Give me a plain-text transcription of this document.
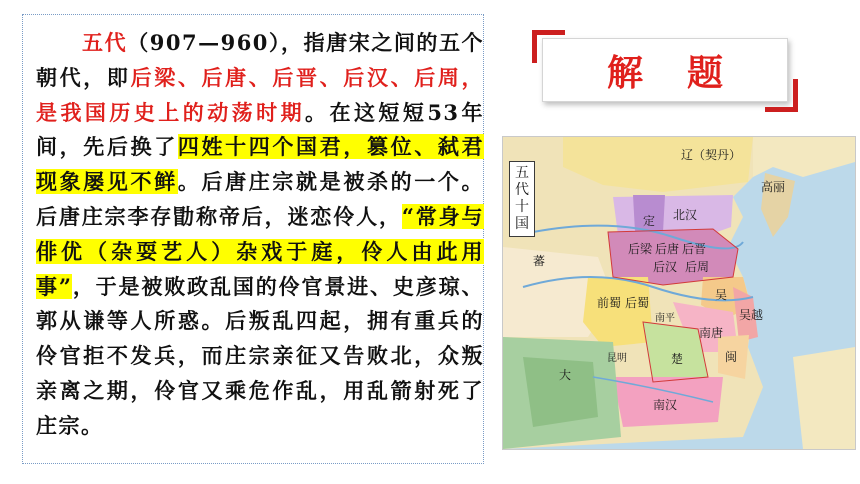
五代（907—960），指唐宋之间的五个朝代，即后梁、后唐、后晋、后汉、后周，是我国历史上的动荡时期。在这短短53年间，先后换了四姓十四个国君，篡位、弑君现象屡见不鲜。后唐庄宗就是被杀的一个。后唐庄宗李存勖称帝后，迷恋伶人，“常身与俳优（杂耍艺人）杂戏于庭，伶人由此用事”，于是被败政乱国的伶官景进、史彦琼、郭从谦等人所惑。后叛乱四起，拥有重兵的伶官拒不发兵，而庄宗亲征又告败北，众叛亲离之期，伶官又乘危作乱，用乱箭射死了庄宗。

解题
五
代
十
国
辽（契丹）
高丽
北汉
定
后梁 后唐 后晋
后汉 后周
前蜀 后蜀
吴
吴越
南唐
闽
楚
南汉
南平
蕃
大
昆明
